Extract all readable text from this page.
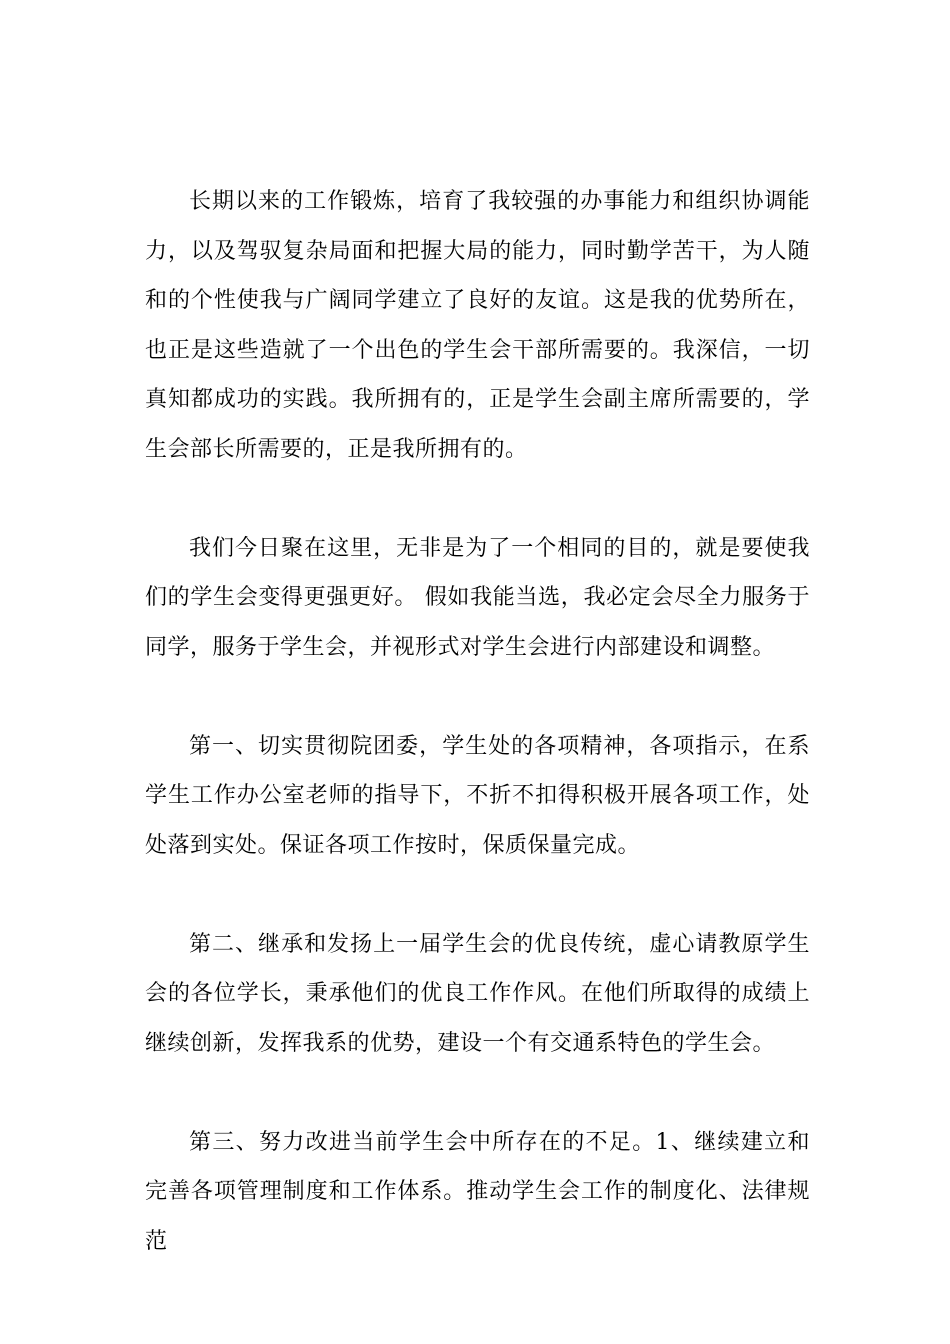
长期以来的工作锻炼，培育了我较强的办事能力和组织协调能力，以及驾驭复杂局面和把握大局的能力，同时勤学苦干，为人随和的个性使我与广阔同学建立了良好的友谊。这是我的优势所在，也正是这些造就了一个出色的学生会干部所需要的。我深信，一切真知都成功的实践。我所拥有的，正是学生会副主席所需要的，学生会部长所需要的，正是我所拥有的。

我们今日聚在这里，无非是为了一个相同的目的，就是要使我们的学生会变得更强更好。 假如我能当选，我必定会尽全力服务于同学，服务于学生会，并视形式对学生会进行内部建设和调整。

第一、切实贯彻院团委，学生处的各项精神，各项指示，在系学生工作办公室老师的指导下，不折不扣得积极开展各项工作，处处落到实处。保证各项工作按时，保质保量完成。

第二、继承和发扬上一届学生会的优良传统，虚心请教原学生会的各位学长，秉承他们的优良工作作风。在他们所取得的成绩上继续创新，发挥我系的优势，建设一个有交通系特色的学生会。

第三、努力改进当前学生会中所存在的不足。1、继续建立和完善各项管理制度和工作体系。推动学生会工作的制度化、法律规范
